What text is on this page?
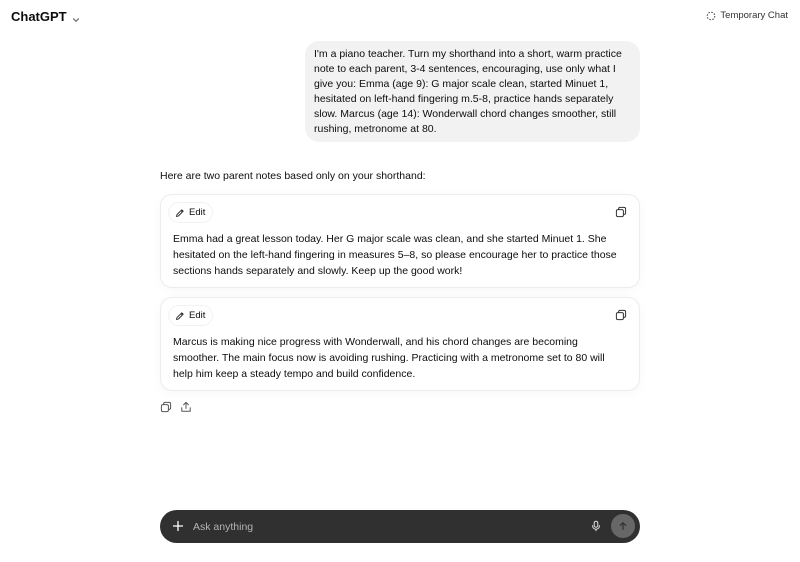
ChatGPT	Temporary Chat
I'm a piano teacher. Turn my shorthand into a short, warm practice note to each parent, 3-4 sentences, encouraging, use only what I give you: Emma (age 9): G major scale clean, started Minuet 1, hesitated on left-hand fingering m.5-8, practice hands separately slow. Marcus (age 14): Wonderwall chord changes smoother, still rushing, metronome at 80.
Here are two parent notes based only on your shorthand:
Edit
Emma had a great lesson today. Her G major scale was clean, and she started Minuet 1. She hesitated on the left-hand fingering in measures 5–8, so please encourage her to practice those sections hands separately and slowly. Keep up the good work!
Edit
Marcus is making nice progress with Wonderwall, and his chord changes are becoming smoother. The main focus now is avoiding rushing. Practicing with a metronome set to 80 will help him keep a steady tempo and build confidence.
Ask anything
